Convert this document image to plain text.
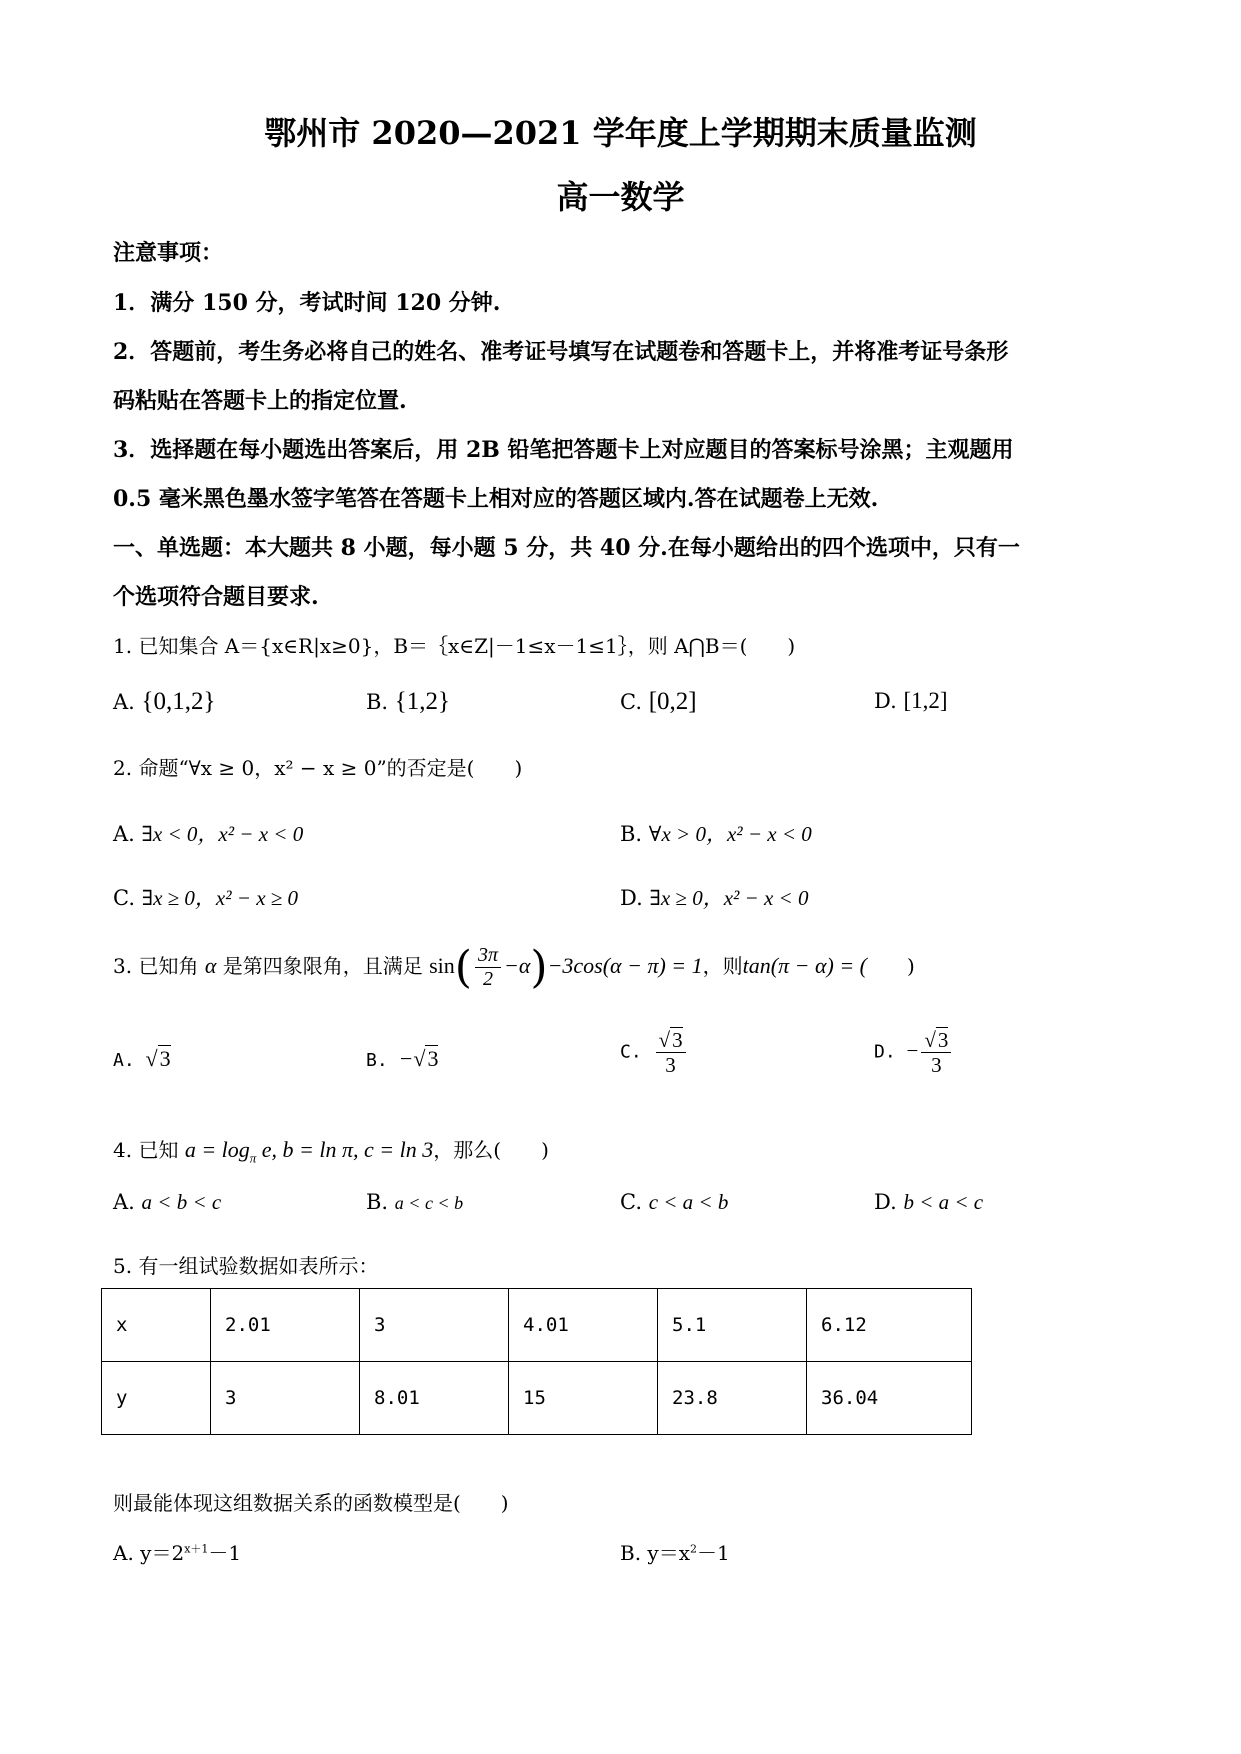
鄂州市 2020—2021 学年度上学期期末质量监测
高一数学
注意事项：
1．满分 150 分，考试时间 120 分钟.
2．答题前，考生务必将自己的姓名、准考证号填写在试题卷和答题卡上，并将准考证号条形
码粘贴在答题卡上的指定位置.
3．选择题在每小题选出答案后，用 2B 铅笔把答题卡上对应题目的答案标号涂黑；主观题用
0.5 毫米黑色墨水签字笔答在答题卡上相对应的答题区域内.答在试题卷上无效.
一、单选题：本大题共 8 小题，每小题 5 分，共 40 分.在每小题给出的四个选项中，只有一
个选项符合题目要求.
1. 已知集合 A＝{x∈R|x≥0}，B＝｛x∈Z|－1≤x－1≤1｝，则 A⋂B＝(　　)
A. {0,1,2}	B. {1,2}	C. [0,2]	D. [1,2]
2. 命题“∀x ≥ 0，x² − x ≥ 0”的否定是(　　)
A. ∃x < 0，x² − x < 0	B. ∀x > 0，x² − x < 0
C. ∃x ≥ 0，x² − x ≥ 0	D. ∃x ≥ 0，x² − x < 0
3. 已知角 α 是第四象限角，且满足 $\sin( \frac{3\pi}{2} -\alpha)-3\cos(\alpha - \pi) = 1$，则tan(π − α) = (　　)
A. √3	B. −√3	C. $\frac{√3}{3}$	D. − $\frac{√3}{3}$
4. 已知 $a = \log_\pi e$, b = ln π, c = ln 3，那么(　　)
A. a < b < c	B. a < c < b	C. c < a < b	D. b < a < c
5. 有一组试验数据如表所示：
x	2.01	3	4.01	5.1	6.12
y	3	8.01	15	23.8	36.04
则最能体现这组数据关系的函数模型是(　　)
A. $y=2^{x+1}-1$	B. $y=x^2-1$
